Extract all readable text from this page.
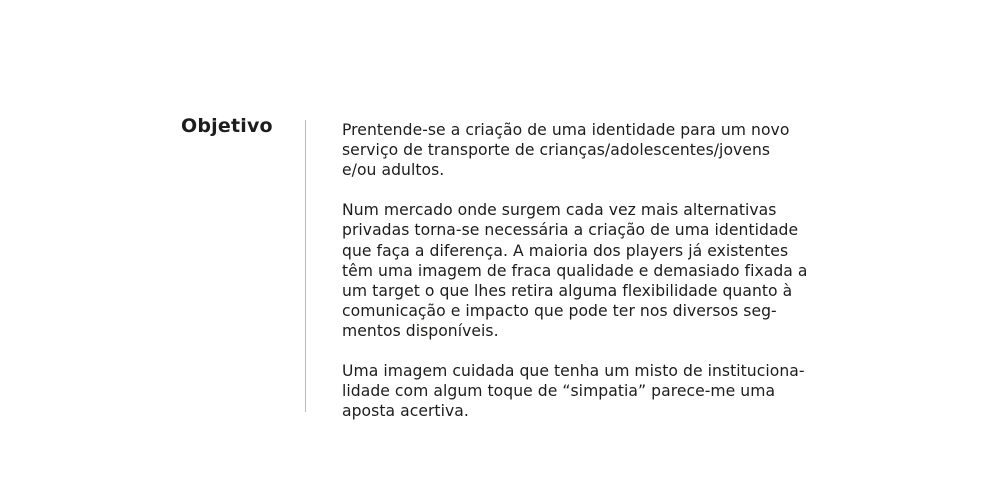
Objetivo	Prentende-se a criação de uma identidade para um novo
serviço de transporte de crianças/adolescentes/jovens
e/ou adultos.

Num mercado onde surgem cada vez mais alternativas
privadas torna-se necessária a criação de uma identidade
que faça a diferença. A maioria dos players já existentes
têm uma imagem de fraca qualidade e demasiado fixada a
um target o que lhes retira alguma flexibilidade quanto à
comunicação e impacto que pode ter nos diversos seg-
mentos disponíveis.

Uma imagem cuidada que tenha um misto de instituciona-
lidade com algum toque de “simpatia” parece-me uma
aposta acertiva.
